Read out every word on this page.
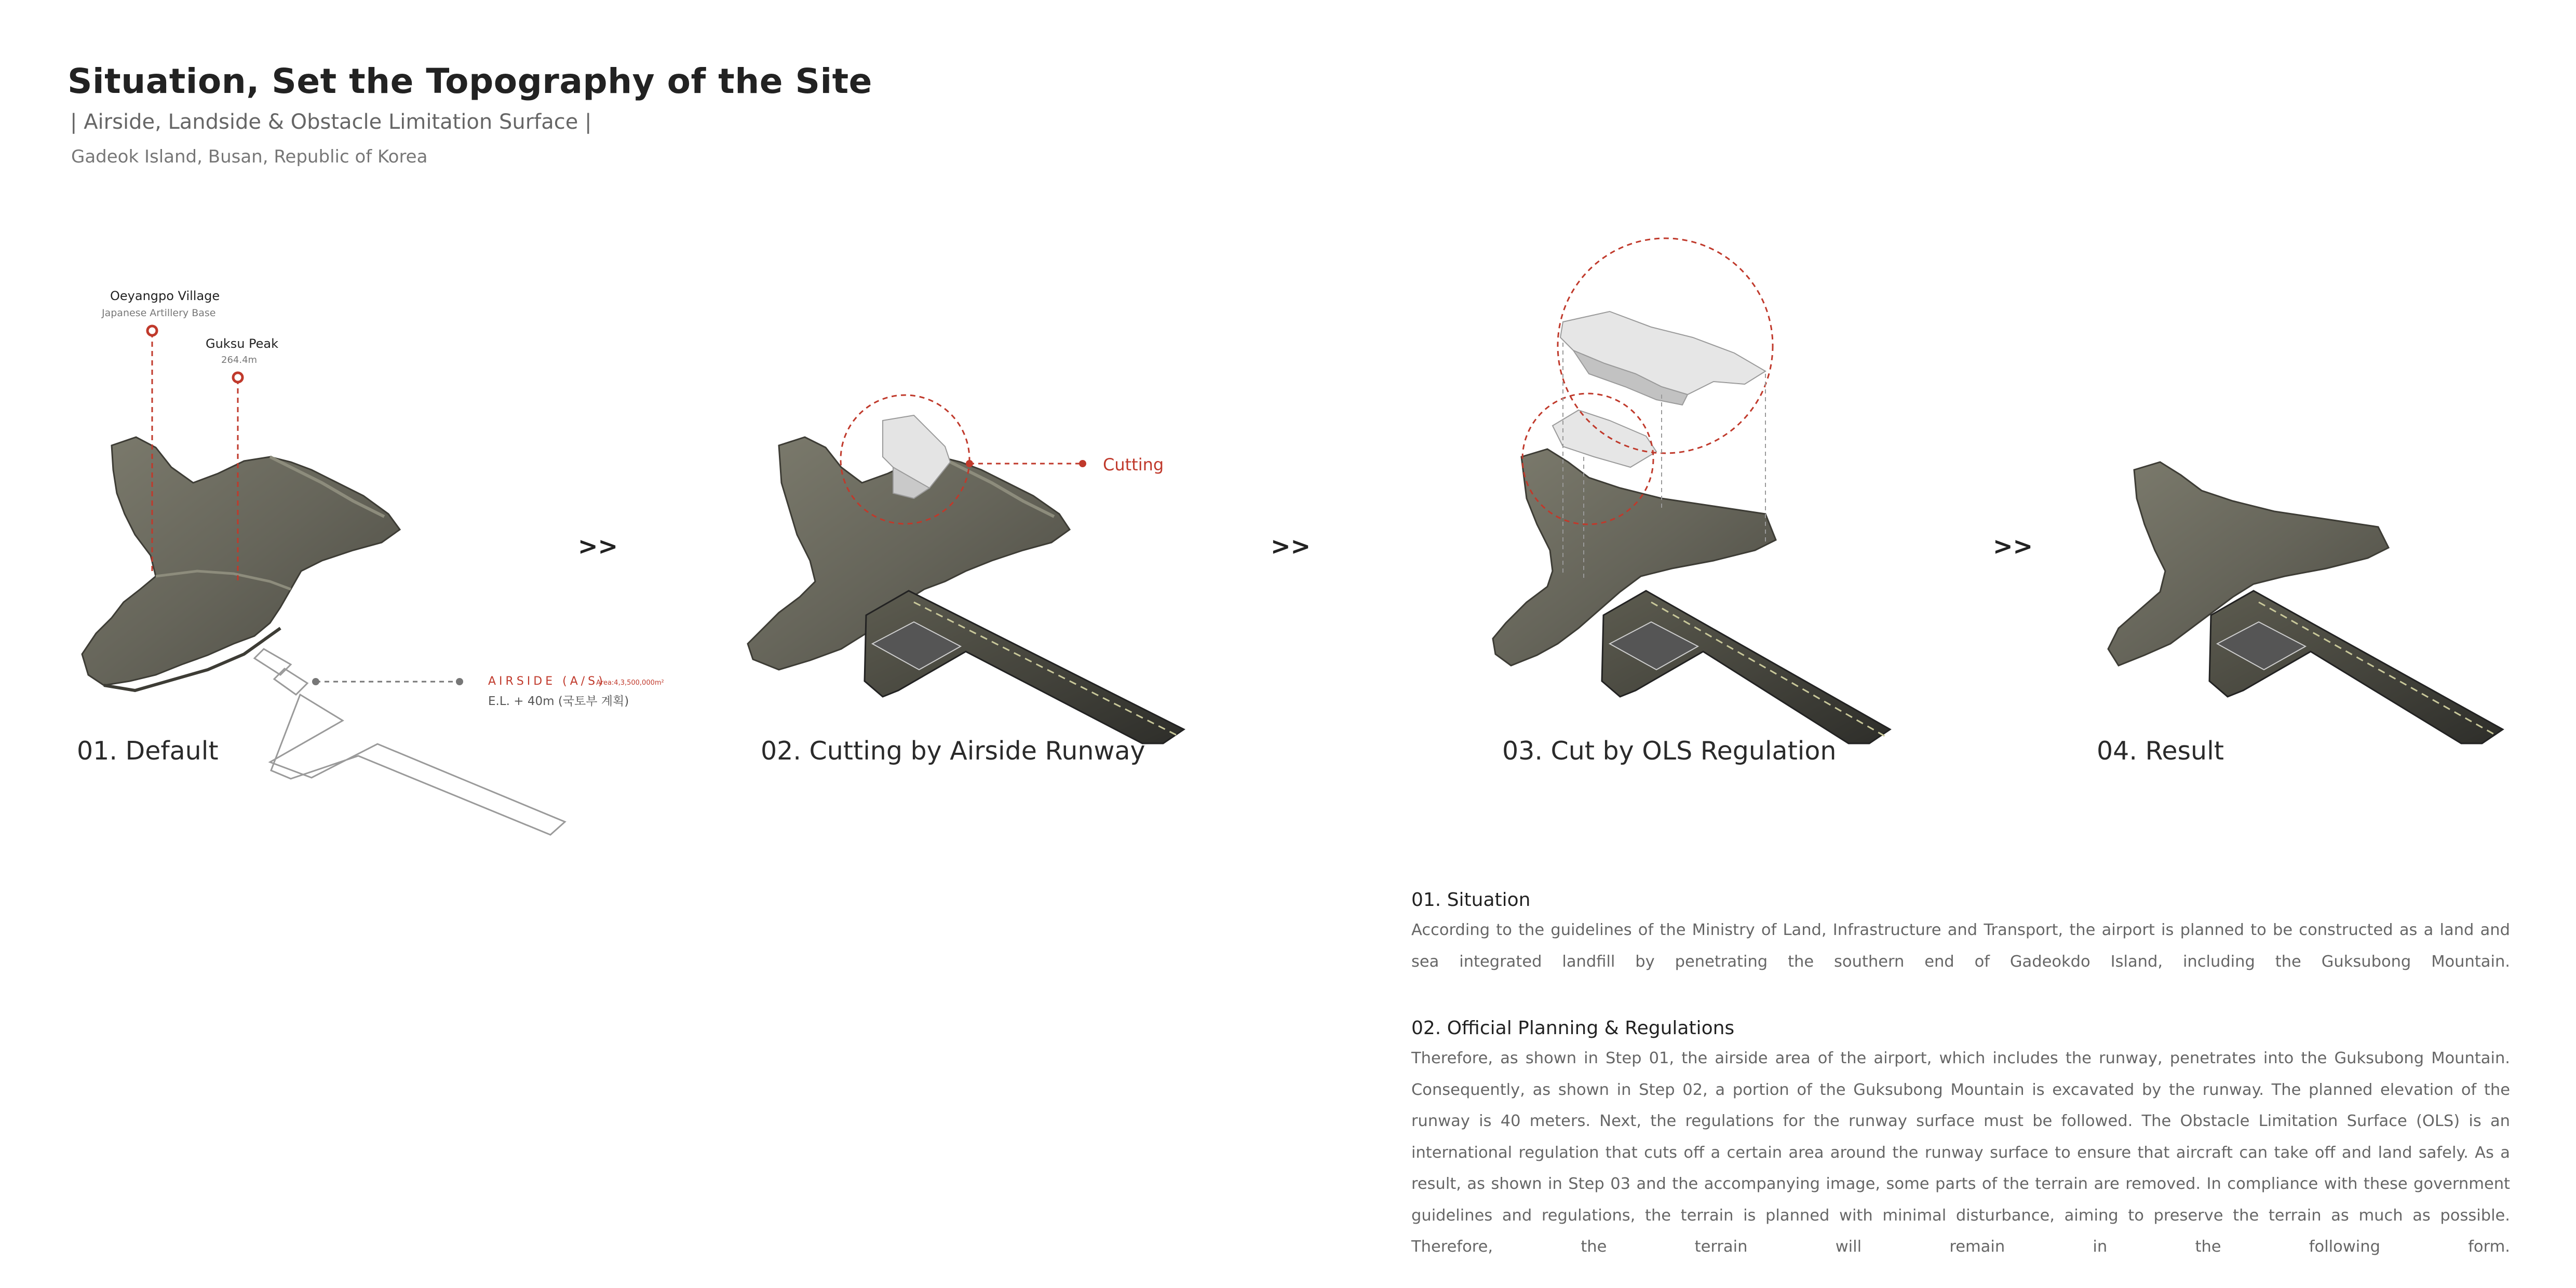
Situation, Set the Topography of the Site
| Airside, Landside & Obstacle Limitation Surface |
Gadeok Island, Busan, Republic of Korea
Oeyangpo Village
Japanese Artillery Base
Guksu Peak
264.4m
AIRSIDE (A/S)
Area:4,3,500,000m²
E.L. + 40m (국토부 계획)
Cutting
>>	>>	>>
01. Default	02. Cutting by Airside Runway	03. Cut by OLS Regulation	04. Result
01. Situation
According to the guidelines of the Ministry of Land, Infrastructure and Transport, the airport is planned to be constructed as a land and sea integrated landfill by penetrating the southern end of Gadeokdo Island, including the Guksubong Mountain.
02. Official Planning & Regulations
Therefore, as shown in Step 01, the airside area of the airport, which includes the runway, penetrates into the Guksubong Mountain. Consequently, as shown in Step 02, a portion of the Guksubong Mountain is excavated by the runway. The planned elevation of the runway is 40 meters. Next, the regulations for the runway surface must be followed. The Obstacle Limitation Surface (OLS) is an international regulation that cuts off a certain area around the runway surface to ensure that aircraft can take off and land safely. As a result, as shown in Step 03 and the accompanying image, some parts of the terrain are removed. In compliance with these government guidelines and regulations, the terrain is planned with minimal disturbance, aiming to preserve the terrain as much as possible. Therefore, the terrain will remain in the following form.
